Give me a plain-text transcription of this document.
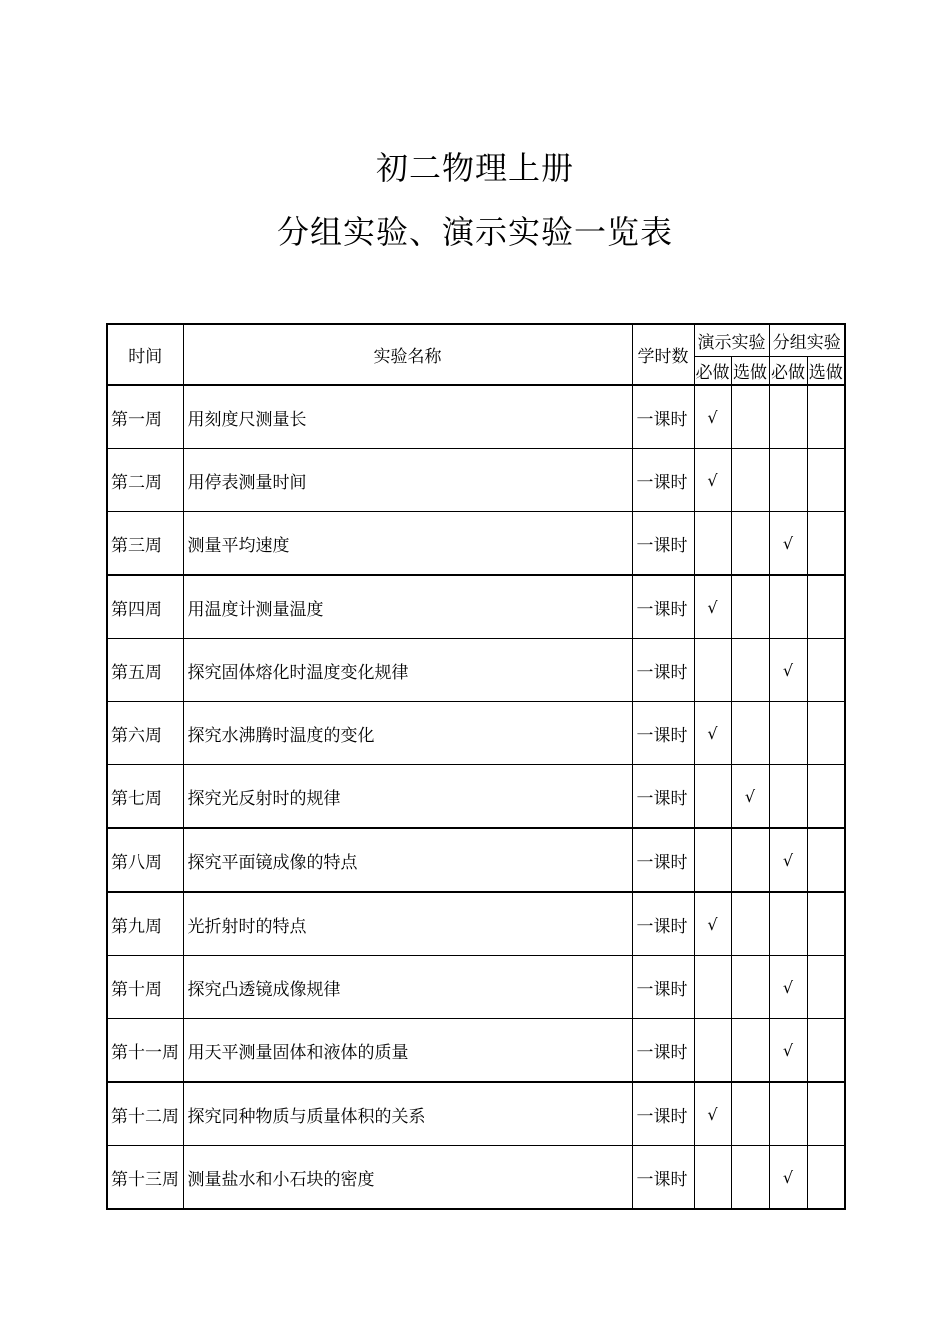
初二物理上册
分组实验、演示实验一览表
时间	实验名称	学时数	演示实验		分组实验	
			必做	选做	必做	选做
第一周	用刻度尺测量长	一课时	√			
第二周	用停表测量时间	一课时	√			
第三周	测量平均速度	一课时			√	
第四周	用温度计测量温度	一课时	√			
第五周	探究固体熔化时温度变化规律	一课时			√	
第六周	探究水沸腾时温度的变化	一课时	√			
第七周	探究光反射时的规律	一课时		√		
第八周	探究平面镜成像的特点	一课时			√	
第九周	光折射时的特点	一课时	√			
第十周	探究凸透镜成像规律	一课时			√	
第十一周	用天平测量固体和液体的质量	一课时			√	
第十二周	探究同种物质与质量体积的关系	一课时	√			
第十三周	测量盐水和小石块的密度	一课时			√	
